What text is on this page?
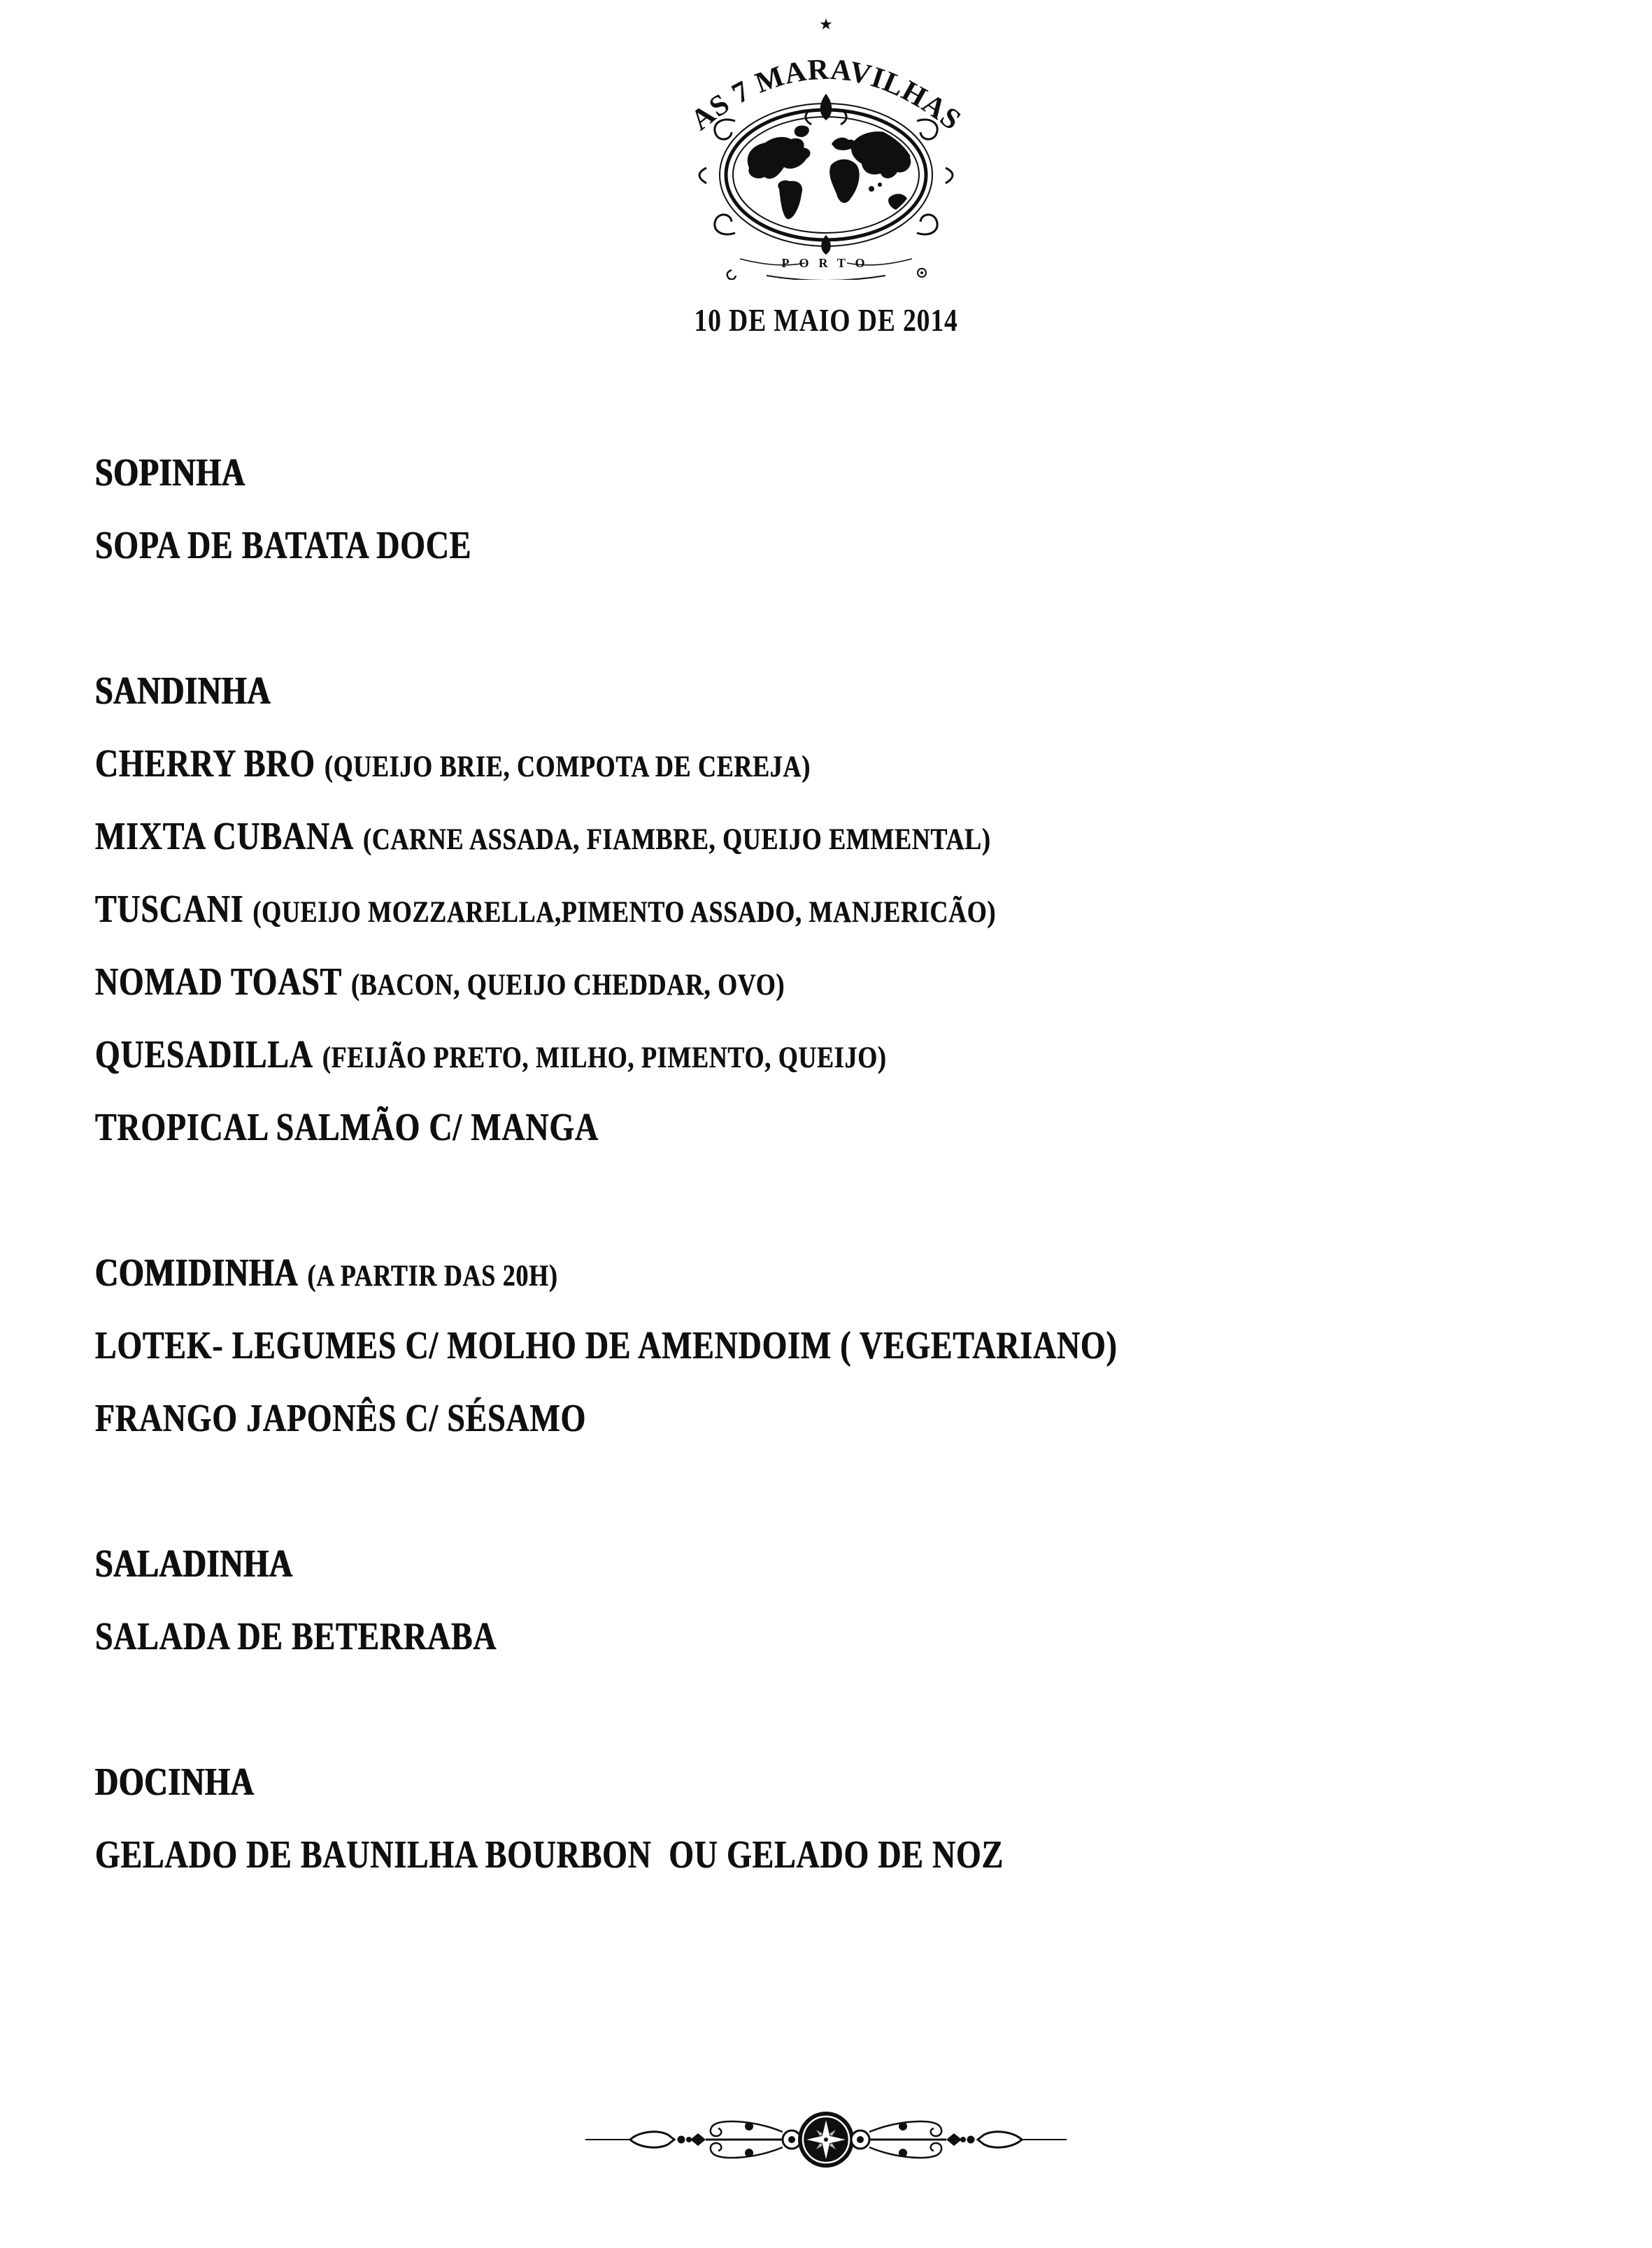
★
AS 7 MARAVILHAS
PORTO
10 DE MAIO DE 2014
SOPINHA
SOPA DE BATATA DOCE
SANDINHA
CHERRY BRO (QUEIJO BRIE, COMPOTA DE CEREJA)
MIXTA CUBANA (CARNE ASSADA, FIAMBRE, QUEIJO EMMENTAL)
TUSCANI (QUEIJO MOZZARELLA,PIMENTO ASSADO, MANJERICÃO)
NOMAD TOAST (BACON, QUEIJO CHEDDAR, OVO)
QUESADILLA (FEIJÃO PRETO, MILHO, PIMENTO, QUEIJO)
TROPICAL SALMÃO C/ MANGA
COMIDINHA (A PARTIR DAS 20H)
LOTEK- LEGUMES C/ MOLHO DE AMENDOIM ( VEGETARIANO)
FRANGO JAPONÊS C/ SÉSAMO
SALADINHA
SALADA DE BETERRABA
DOCINHA
GELADO DE BAUNILHA BOURBON  OU GELADO DE NOZ
